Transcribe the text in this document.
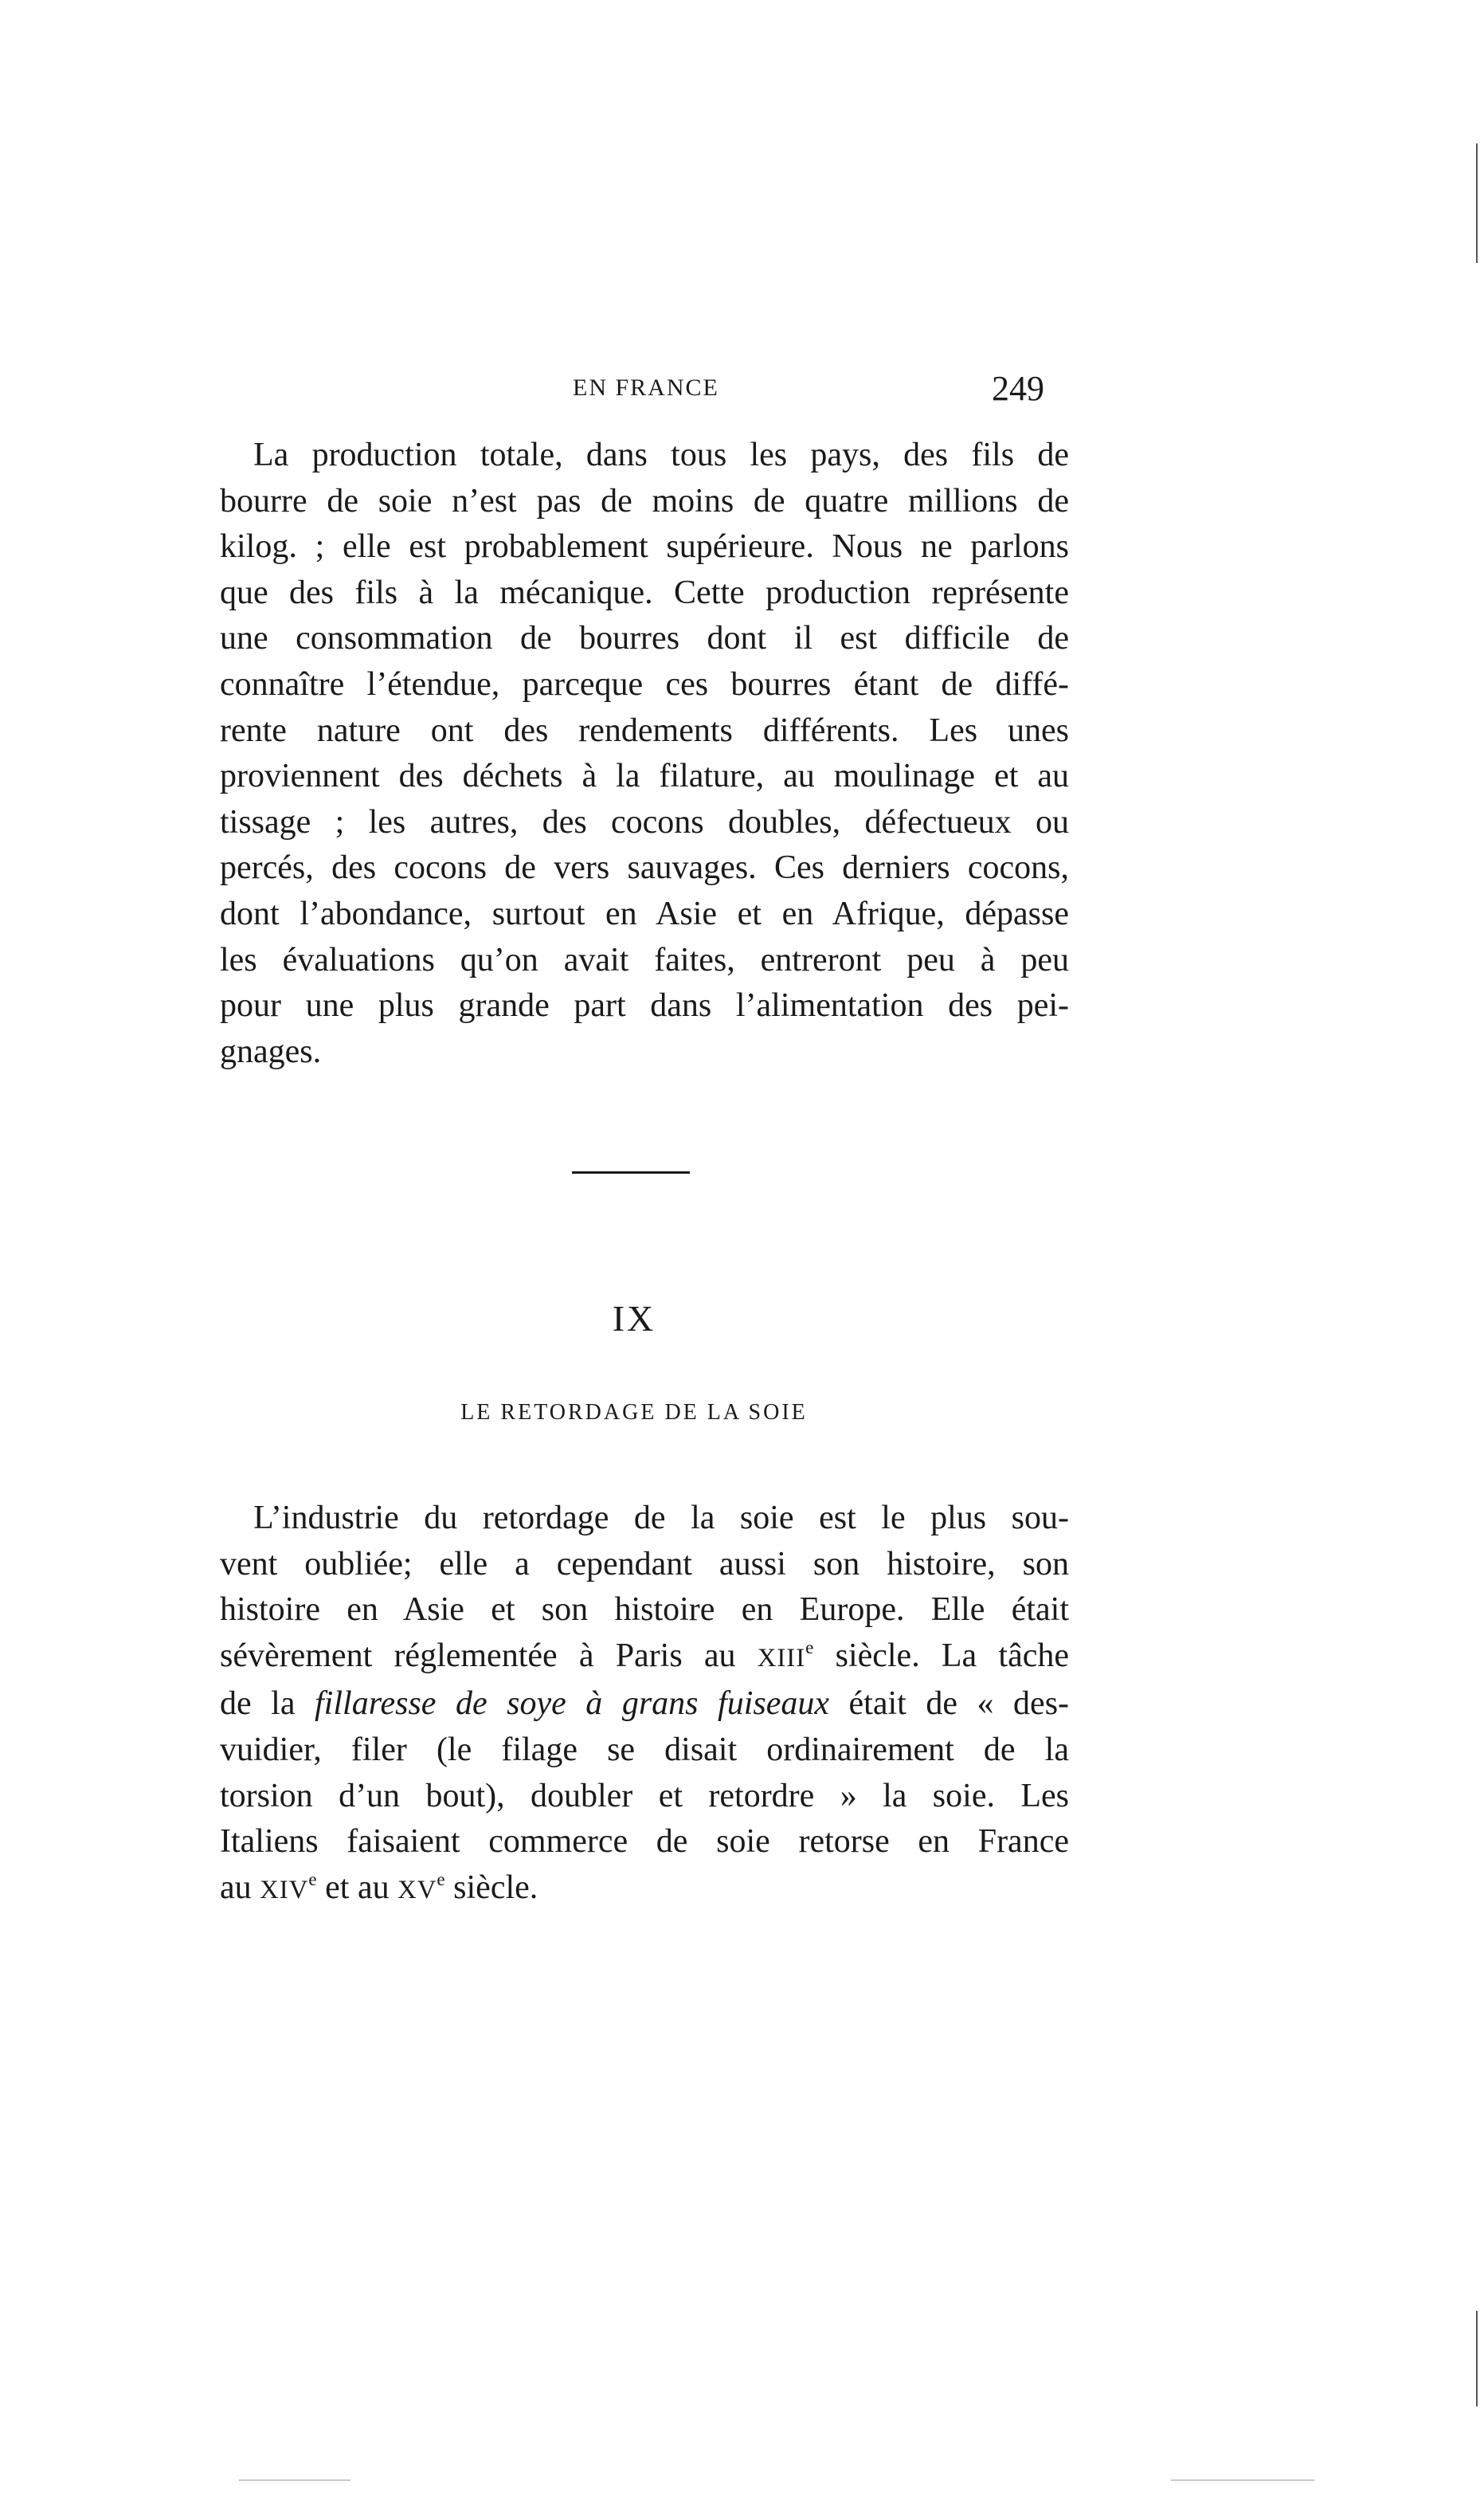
EN FRANCE	249

La production totale, dans tous les pays, des fils de
bourre de soie n’est pas de moins de quatre millions de
kilog. ; elle est probablement supérieure. Nous ne parlons
que des fils à la mécanique. Cette production représente
une consommation de bourres dont il est difficile de
connaître l’étendue, parceque ces bourres étant de diffé-
rente nature ont des rendements différents. Les unes
proviennent des déchets à la filature, au moulinage et au
tissage ; les autres, des cocons doubles, défectueux ou
percés, des cocons de vers sauvages. Ces derniers cocons,
dont l’abondance, surtout en Asie et en Afrique, dépasse
les évaluations qu’on avait faites, entreront peu à peu
pour une plus grande part dans l’alimentation des pei-
gnages.

IX
LE RETORDAGE DE LA SOIE

L’industrie du retordage de la soie est le plus sou-
vent oubliée; elle a cependant aussi son histoire, son
histoire en Asie et son histoire en Europe. Elle était
sévèrement réglementée à Paris au XIIIe siècle. La tâche
de la fillaresse de soye à grans fuiseaux était de « des-
vuidier, filer (le filage se disait ordinairement de la
torsion d’un bout), doubler et retordre » la soie. Les
Italiens faisaient commerce de soie retorse en France
au XIVe et au XVe siècle.
